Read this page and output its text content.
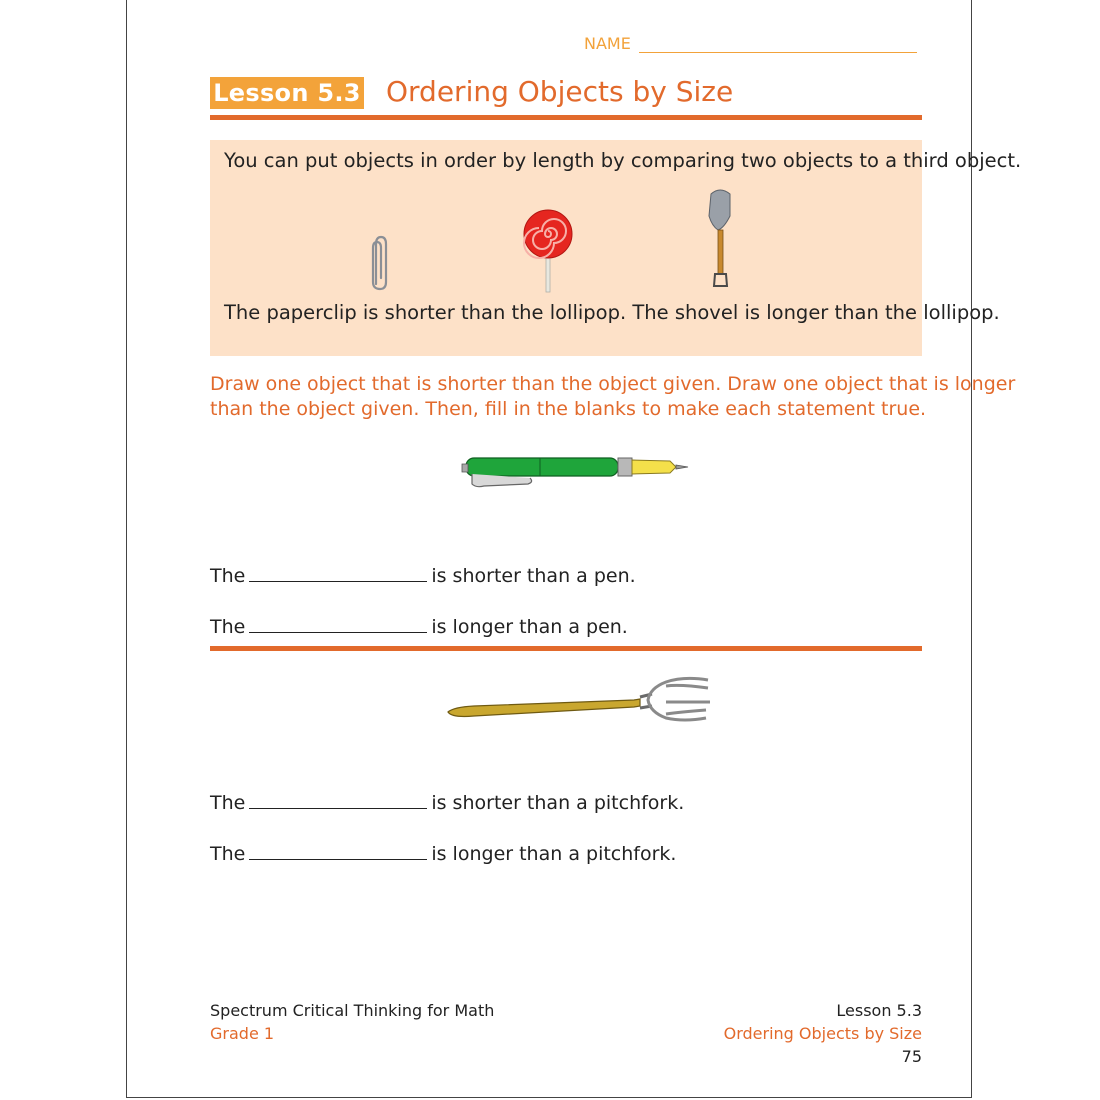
NAME
Lesson 5.3 Ordering Objects by Size
You can put objects in order by length by comparing two objects to a third object.
The paperclip is shorter than the lollipop. The shovel is longer than the lollipop.

Draw one object that is shorter than the object given. Draw one object that is longer

than the object given. Then, fill in the blanks to make each statement true.

The	is shorter than a pen.
The	is longer than a pen.
The	is shorter than a pitchfork.
The	is longer than a pitchfork.
Spectrum Critical Thinking for Math
Grade 1
Lesson 5.3
Ordering Objects by Size
75
